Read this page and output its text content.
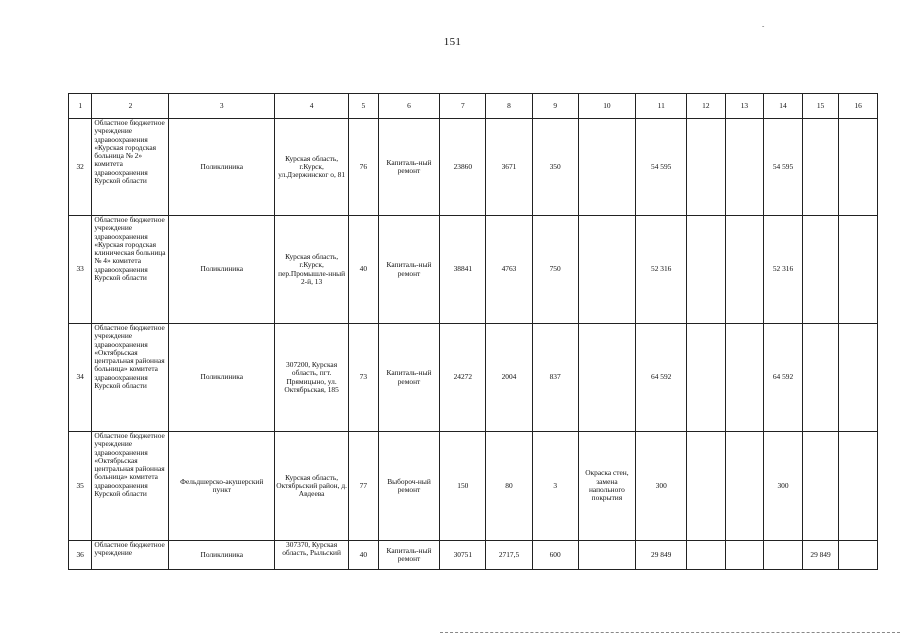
-
151
1	2	3	4	5	6	7	8	9	10	11	12	13	14	15	16
32	Областное бюджетное учреждение здравоохранения «Курская городская больница № 2» комитета здравоохранения Курской области	Поликлиника	Курская область, г.Курск, ул.Дзержинског о, 81	76	Капиталь-ный ремонт	23860	3671	350		54 595			54 595		
33	Областное бюджетное учреждение здравоохранения «Курская городская клиническая больница № 4» комитета здравоохранения Курской области	Поликлиника	Курская область, г.Курск, пер.Промышле-нный 2-й, 13	40	Капиталь-ный ремонт	38841	4763	750		52 316			52 316		
34	Областное бюджетное учреждение здравоохранения «Октябрьская центральная районная больница» комитета здравоохранения Курской области	Поликлиника	307200, Курская область, пгт. Прямицыно, ул. Октябрьская, 185	73	Капиталь-ный ремонт	24272	2004	837		64 592			64 592		
35	Областное бюджетное учреждение здравоохранения «Октябрьская центральная районная больница» комитета здравоохранения Курской области	Фельдшерско-акушерский пункт	Курская область, Октябрьский район, д. Авдеева	77	Выбороч-ный ремонт	150	80	3	Окраска стен, замена напольного покрытия	300			300		
36	Областное бюджетное учреждение	Поликлиника	307370, Курская область, Рыльский	40	Капиталь-ный ремонт	30751	2717,5	600		29 849				29 849	
